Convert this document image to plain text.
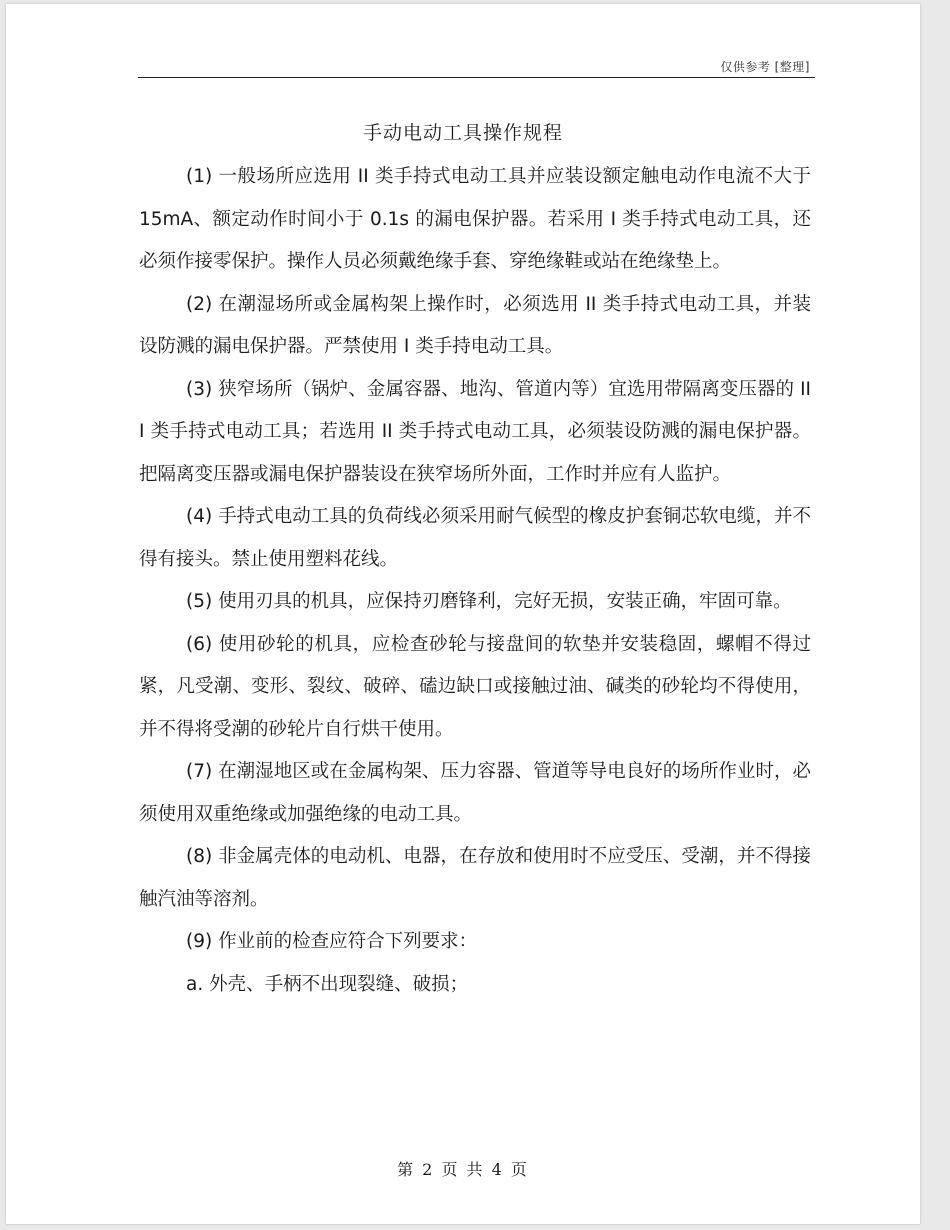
仅供参考 [整理]
手动电动工具操作规程

(1) 一般场所应选用 II 类手持式电动工具并应装设额定触电动作电流不大于 15mA、额定动作时间小于 0.1s 的漏电保护器。若采用 I 类手持式电动工具，还必须作接零保护。操作人员必须戴绝缘手套、穿绝缘鞋或站在绝缘垫上。

(2) 在潮湿场所或金属构架上操作时，必须选用 II 类手持式电动工具，并装设防溅的漏电保护器。严禁使用 I 类手持电动工具。

(3) 狭窄场所（锅炉、金属容器、地沟、管道内等）宜选用带隔离变压器的 III 类手持式电动工具；若选用 II 类手持式电动工具，必须装设防溅的漏电保护器。把隔离变压器或漏电保护器装设在狭窄场所外面，工作时并应有人监护。

(4) 手持式电动工具的负荷线必须采用耐气候型的橡皮护套铜芯软电缆，并不得有接头。禁止使用塑料花线。

(5) 使用刃具的机具，应保持刃磨锋利，完好无损，安装正确，牢固可靠。

(6) 使用砂轮的机具，应检查砂轮与接盘间的软垫并安装稳固，螺帽不得过紧，凡受潮、变形、裂纹、破碎、磕边缺口或接触过油、碱类的砂轮均不得使用，并不得将受潮的砂轮片自行烘干使用。

(7) 在潮湿地区或在金属构架、压力容器、管道等导电良好的场所作业时，必须使用双重绝缘或加强绝缘的电动工具。

(8) 非金属壳体的电动机、电器，在存放和使用时不应受压、受潮，并不得接触汽油等溶剂。

(9) 作业前的检查应符合下列要求：

a. 外壳、手柄不出现裂缝、破损；

第 2 页 共 4 页
